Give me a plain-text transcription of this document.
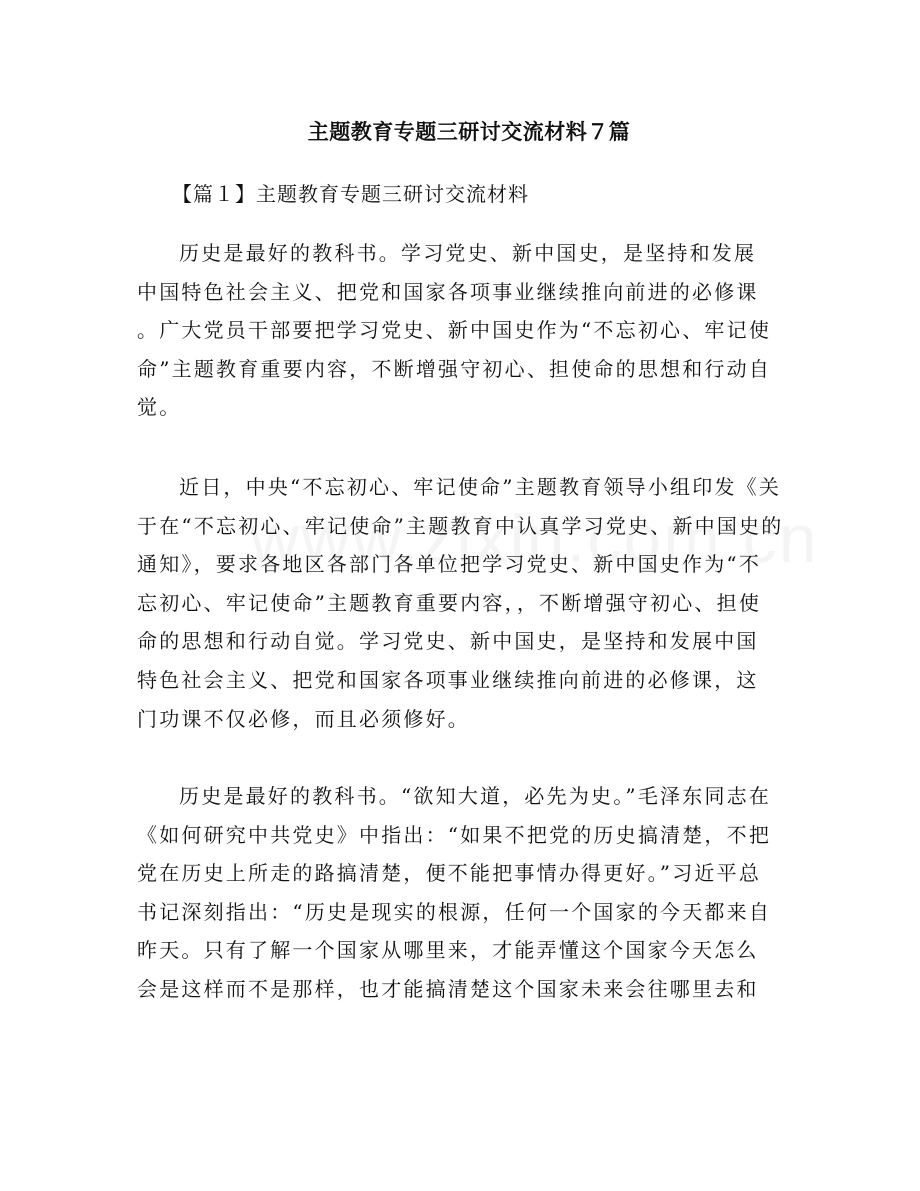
主题教育专题三研讨交流材料７篇
【篇１】主题教育专题三研讨交流材料
历史是最好的教科书。学习党史、新中国史，是坚持和发展
中国特色社会主义、把党和国家各项事业继续推向前进的必修课
。广大党员干部要把学习党史、新中国史作为“不忘初心、牢记使
命”主题教育重要内容，不断增强守初心、担使命的思想和行动自
觉。
近日，中央“不忘初心、牢记使命”主题教育领导小组印发《关
于在“不忘初心、牢记使命”主题教育中认真学习党史、新中国史的
通知》，要求各地区各部门各单位把学习党史、新中国史作为“不
忘初心、牢记使命”主题教育重要内容，，不断增强守初心、担使
命的思想和行动自觉。学习党史、新中国史，是坚持和发展中国
特色社会主义、把党和国家各项事业继续推向前进的必修课，这
门功课不仅必修，而且必须修好。
历史是最好的教科书。“欲知大道，必先为史。”毛泽东同志在
《如何研究中共党史》中指出：“如果不把党的历史搞清楚，不把
党在历史上所走的路搞清楚，便不能把事情办得更好。”习近平总
书记深刻指出：“历史是现实的根源，任何一个国家的今天都来自
昨天。只有了解一个国家从哪里来，才能弄懂这个国家今天怎么
会是这样而不是那样，也才能搞清楚这个国家未来会往哪里去和
